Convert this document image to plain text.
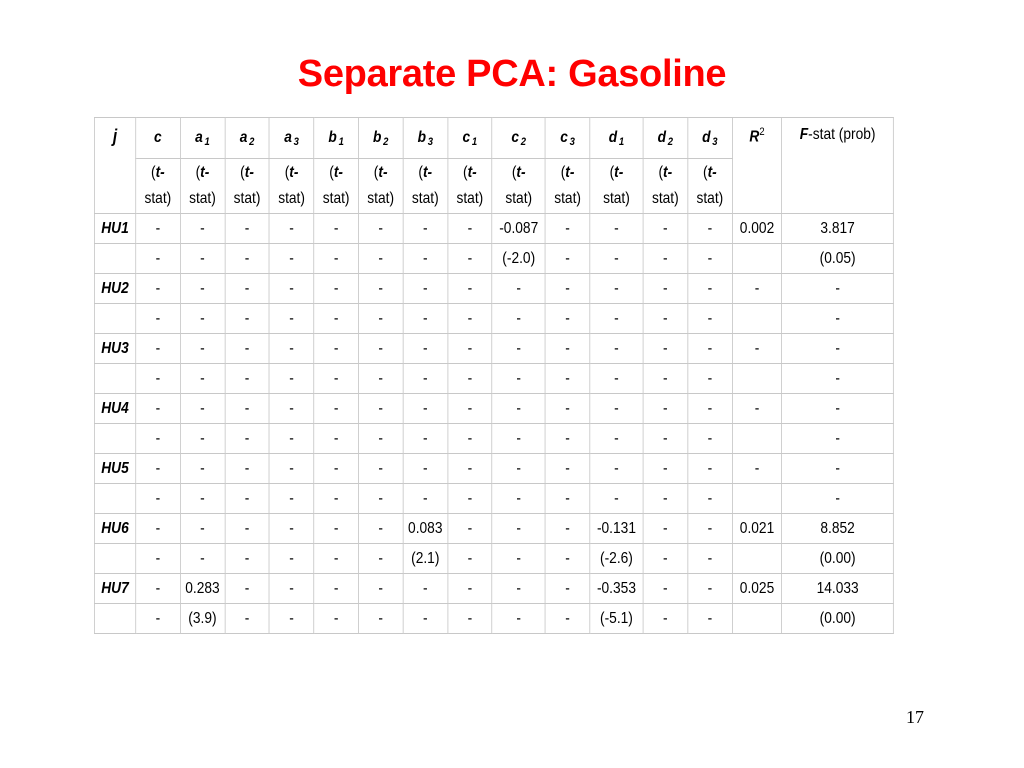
Separate PCA: Gasoline
j	c	a 1	a 2	a 3	b 1	b 2	b 3	c 1	c 2	c 3	d 1	d 2	d 3	$R^2$	F-stat (prob)
	(t-
stat)	(t-
stat)	(t-
stat)	(t-
stat)	(t-
stat)	(t-
stat)	(t-
stat)	(t-
stat)	(t-
stat)	(t-
stat)	(t-
stat)	(t-
stat)	(t-
stat)		
HU1	-	-	-	-	-	-	-	-	-0.087	-	-	-	-	0.002	3.817
	-	-	-	-	-	-	-	-	(-2.0)	-	-	-	-		(0.05)
HU2	-	-	-	-	-	-	-	-	-	-	-	-	-	-	-
	-	-	-	-	-	-	-	-	-	-	-	-	-		-
HU3	-	-	-	-	-	-	-	-	-	-	-	-	-	-	-
	-	-	-	-	-	-	-	-	-	-	-	-	-		-
HU4	-	-	-	-	-	-	-	-	-	-	-	-	-	-	-
	-	-	-	-	-	-	-	-	-	-	-	-	-		-
HU5	-	-	-	-	-	-	-	-	-	-	-	-	-	-	-
	-	-	-	-	-	-	-	-	-	-	-	-	-		-
HU6	-	-	-	-	-	-	0.083	-	-	-	-0.131	-	-	0.021	8.852
	-	-	-	-	-	-	(2.1)	-	-	-	(-2.6)	-	-		(0.00)
HU7	-	0.283	-	-	-	-	-	-	-	-	-0.353	-	-	0.025	14.033
	-	(3.9)	-	-	-	-	-	-	-	-	(-5.1)	-	-		(0.00)
17
